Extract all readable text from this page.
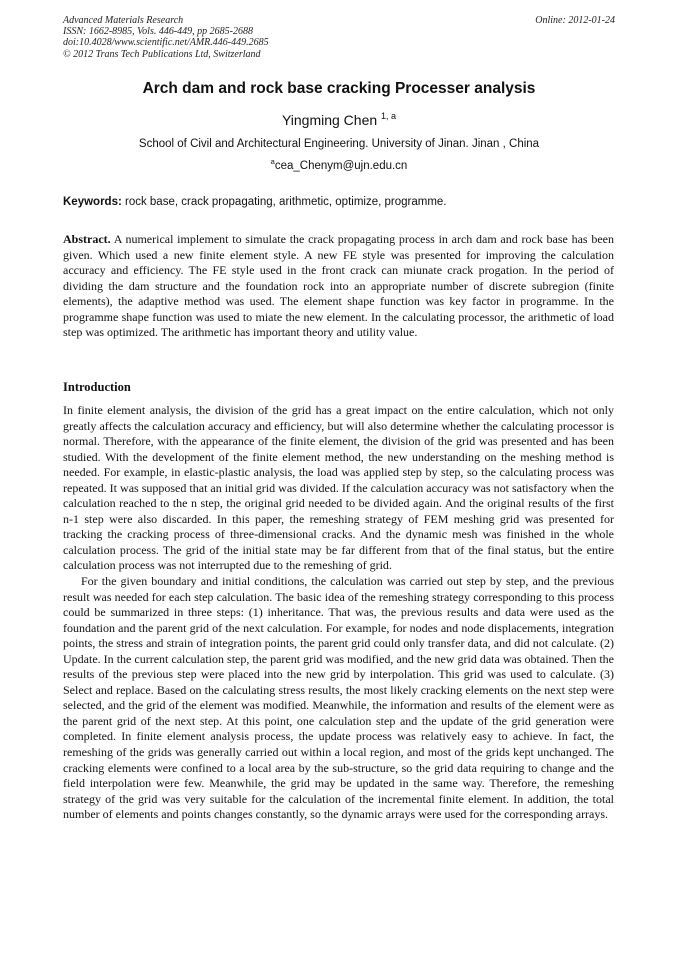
Advanced Materials Research
ISSN: 1662-8985, Vols. 446-449, pp 2685-2688
doi:10.4028/www.scientific.net/AMR.446-449.2685
© 2012 Trans Tech Publications Ltd, Switzerland
Online: 2012-01-24
Arch dam and rock base cracking Processer analysis
Yingming Chen $^{1, a}$
School of Civil and Architectural Engineering. University of Jinan. Jinan , China
$^a$cea_Chenym@ujn.edu.cn
Keywords: rock base, crack propagating, arithmetic, optimize, programme.
Abstract. A numerical implement to simulate the crack propagating process in arch dam and rock base has been given. Which used a new finite element style. A new FE style was presented for improving the calculation accuracy and efficiency. The FE style used in the front crack can miunate crack progation. In the period of dividing the dam structure and the foundation rock into an appropriate number of discrete subregion (finite elements), the adaptive method was used. The element shape function was key factor in programme. In the programme shape function was used to miate the new element. In the calculating processor, the arithmetic of load step was optimized. The arithmetic has important theory and utility value.
Introduction

In finite element analysis, the division of the grid has a great impact on the entire calculation, which not only greatly affects the calculation accuracy and efficiency, but will also determine whether the calculating processor is normal. Therefore, with the appearance of the finite element, the division of the grid was presented and has been studied. With the development of the finite element method, the new understanding on the meshing method is needed. For example, in elastic-plastic analysis, the load was applied step by step, so the calculating process was repeated. It was supposed that an initial grid was divided. If the calculation accuracy was not satisfactory when the calculation reached to the n step, the original grid needed to be divided again. And the original results of the first n-1 step were also discarded. In this paper, the remeshing strategy of FEM meshing grid was presented for tracking the cracking process of three-dimensional cracks. And the dynamic mesh was finished in the whole calculation process. The grid of the initial state may be far different from that of the final status, but the entire calculation process was not interrupted due to the remeshing of grid.

For the given boundary and initial conditions, the calculation was carried out step by step, and the previous result was needed for each step calculation. The basic idea of the remeshing strategy corresponding to this process could be summarized in three steps: (1) inheritance. That was, the previous results and data were used as the foundation and the parent grid of the next calculation. For example, for nodes and node displacements, integration points, the stress and strain of integration points, the parent grid could only transfer data, and did not calculate. (2) Update. In the current calculation step, the parent grid was modified, and the new grid data was obtained. Then the results of the previous step were placed into the new grid by interpolation. This grid was used to calculate. (3) Select and replace. Based on the calculating stress results, the most likely cracking elements on the next step were selected, and the grid of the element was modified. Meanwhile, the information and results of the element were as the parent grid of the next step. At this point, one calculation step and the update of the grid generation were completed. In finite element analysis process, the update process was relatively easy to achieve. In fact, the remeshing of the grids was generally carried out within a local region, and most of the grids kept unchanged. The cracking elements were confined to a local area by the sub-structure, so the grid data requiring to change and the field interpolation were few. Meanwhile, the grid may be updated in the same way. Therefore, the remeshing strategy of the grid was very suitable for the calculation of the incremental finite element. In addition, the total number of elements and points changes constantly, so the dynamic arrays were used for the corresponding arrays.
